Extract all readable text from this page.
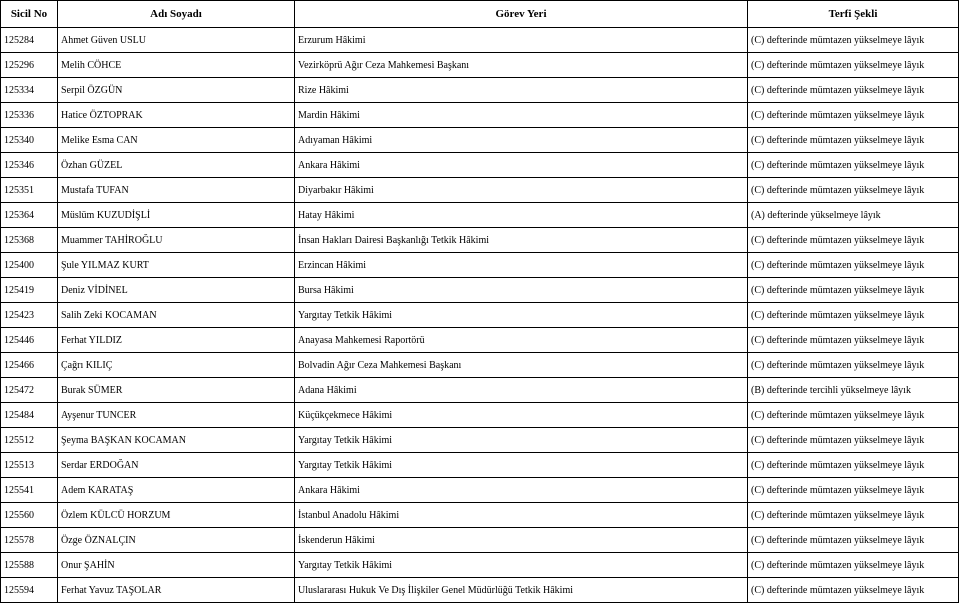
Sicil No	Adı Soyadı	Görev Yeri	Terfi Şekli
125284	Ahmet Güven USLU	Erzurum Hâkimi	(C) defterinde mümtazen yükselmeye lâyık
125296	Melih CÖHCE	Vezirköprü Ağır Ceza Mahkemesi Başkanı	(C) defterinde mümtazen yükselmeye lâyık
125334	Serpil ÖZGÜN	Rize Hâkimi	(C) defterinde mümtazen yükselmeye lâyık
125336	Hatice ÖZTOPRAK	Mardin Hâkimi	(C) defterinde mümtazen yükselmeye lâyık
125340	Melike Esma CAN	Adıyaman Hâkimi	(C) defterinde mümtazen yükselmeye lâyık
125346	Özhan GÜZEL	Ankara Hâkimi	(C) defterinde mümtazen yükselmeye lâyık
125351	Mustafa TUFAN	Diyarbakır Hâkimi	(C) defterinde mümtazen yükselmeye lâyık
125364	Müslüm KUZUDİŞLİ	Hatay Hâkimi	(A) defterinde yükselmeye lâyık
125368	Muammer TAHİROĞLU	İnsan Hakları Dairesi Başkanlığı Tetkik Hâkimi	(C) defterinde mümtazen yükselmeye lâyık
125400	Şule YILMAZ KURT	Erzincan Hâkimi	(C) defterinde mümtazen yükselmeye lâyık
125419	Deniz VİDİNEL	Bursa Hâkimi	(C) defterinde mümtazen yükselmeye lâyık
125423	Salih Zeki KOCAMAN	Yargıtay Tetkik Hâkimi	(C) defterinde mümtazen yükselmeye lâyık
125446	Ferhat YILDIZ	Anayasa Mahkemesi Raportörü	(C) defterinde mümtazen yükselmeye lâyık
125466	Çağrı KILIÇ	Bolvadin Ağır Ceza Mahkemesi Başkanı	(C) defterinde mümtazen yükselmeye lâyık
125472	Burak SÜMER	Adana Hâkimi	(B) defterinde tercihli yükselmeye lâyık
125484	Ayşenur TUNCER	Küçükçekmece Hâkimi	(C) defterinde mümtazen yükselmeye lâyık
125512	Şeyma BAŞKAN KOCAMAN	Yargıtay Tetkik Hâkimi	(C) defterinde mümtazen yükselmeye lâyık
125513	Serdar ERDOĞAN	Yargıtay Tetkik Hâkimi	(C) defterinde mümtazen yükselmeye lâyık
125541	Adem KARATAŞ	Ankara Hâkimi	(C) defterinde mümtazen yükselmeye lâyık
125560	Özlem KÜLCÜ HORZUM	İstanbul Anadolu Hâkimi	(C) defterinde mümtazen yükselmeye lâyık
125578	Özge ÖZNALÇIN	İskenderun Hâkimi	(C) defterinde mümtazen yükselmeye lâyık
125588	Onur ŞAHİN	Yargıtay Tetkik Hâkimi	(C) defterinde mümtazen yükselmeye lâyık
125594	Ferhat Yavuz TAŞOLAR	Uluslararası Hukuk Ve Dış İlişkiler Genel Müdürlüğü Tetkik Hâkimi	(C) defterinde mümtazen yükselmeye lâyık
